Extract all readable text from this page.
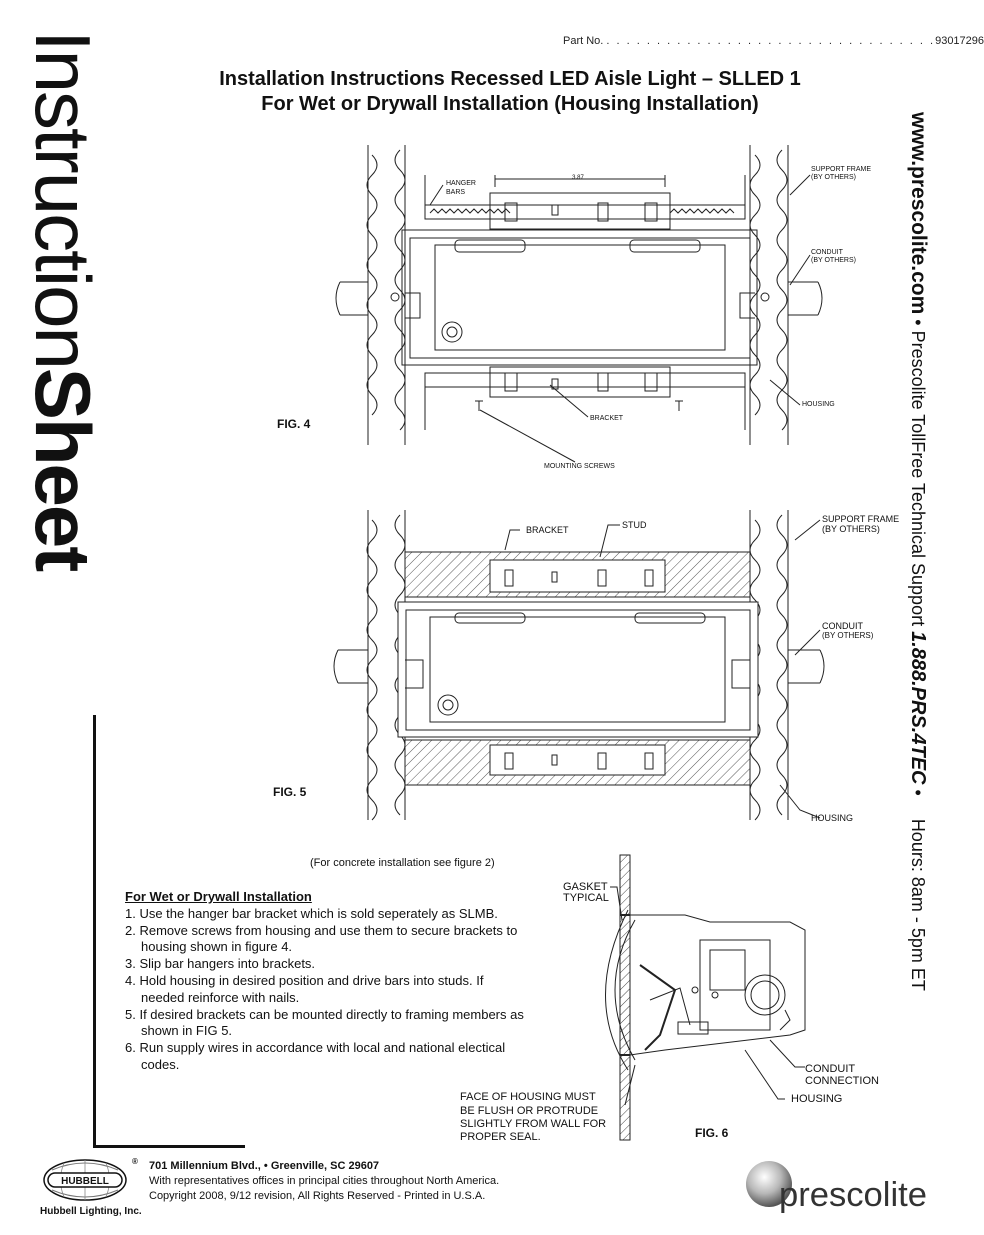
InstructionSheet
Part No. . . . . . . . . . . . . . . . . . . . . . . . . . . . . . . . . .93017296
Installation Instructions Recessed LED Aisle Light – SLLED 1
For Wet or Drywall Installation (Housing Installation)
www.prescolite.com • Prescolite TollFree Technical Support 1.888.PRS.4TEC • Hours: 8am - 5pm ET
3.87
HANGER
BARS
SUPPORT FRAME
(BY OTHERS)
CONDUIT
(BY OTHERS)
HOUSING
BRACKET
MOUNTING SCREWS
FIG. 4
BRACKET	STUD
SUPPORT FRAME
(BY OTHERS)
CONDUIT
(BY OTHERS)
HOUSING
FIG. 5
(For concrete installation see figure 2)
For Wet or Drywall Installation
1. Use the hanger bar bracket which is sold seperately as SLMB.
2. Remove screws from housing and use them to secure brackets to housing shown in figure 4.
3. Slip bar hangers into brackets.
4. Hold housing in desired position and drive bars into studs. If needed reinforce with nails.
5. If desired brackets can be mounted directly to framing members as shown in FIG 5.
6. Run supply wires in accordance with local and national electical codes.
GASKET
TYPICAL
CONDUIT
CONNECTION
HOUSING
FACE OF HOUSING MUST
BE FLUSH OR PROTRUDE
SLIGHTLY FROM WALL FOR
PROPER SEAL.	FIG. 6
HUBBELL
Hubbell Lighting, Inc.
® 701 Millennium Blvd., • Greenville, SC 29607
With representatives offices in principal cities throughout North America.
Copyright 2008, 9/12 revision, All Rights Reserved - Printed in U.S.A.	prescolite
